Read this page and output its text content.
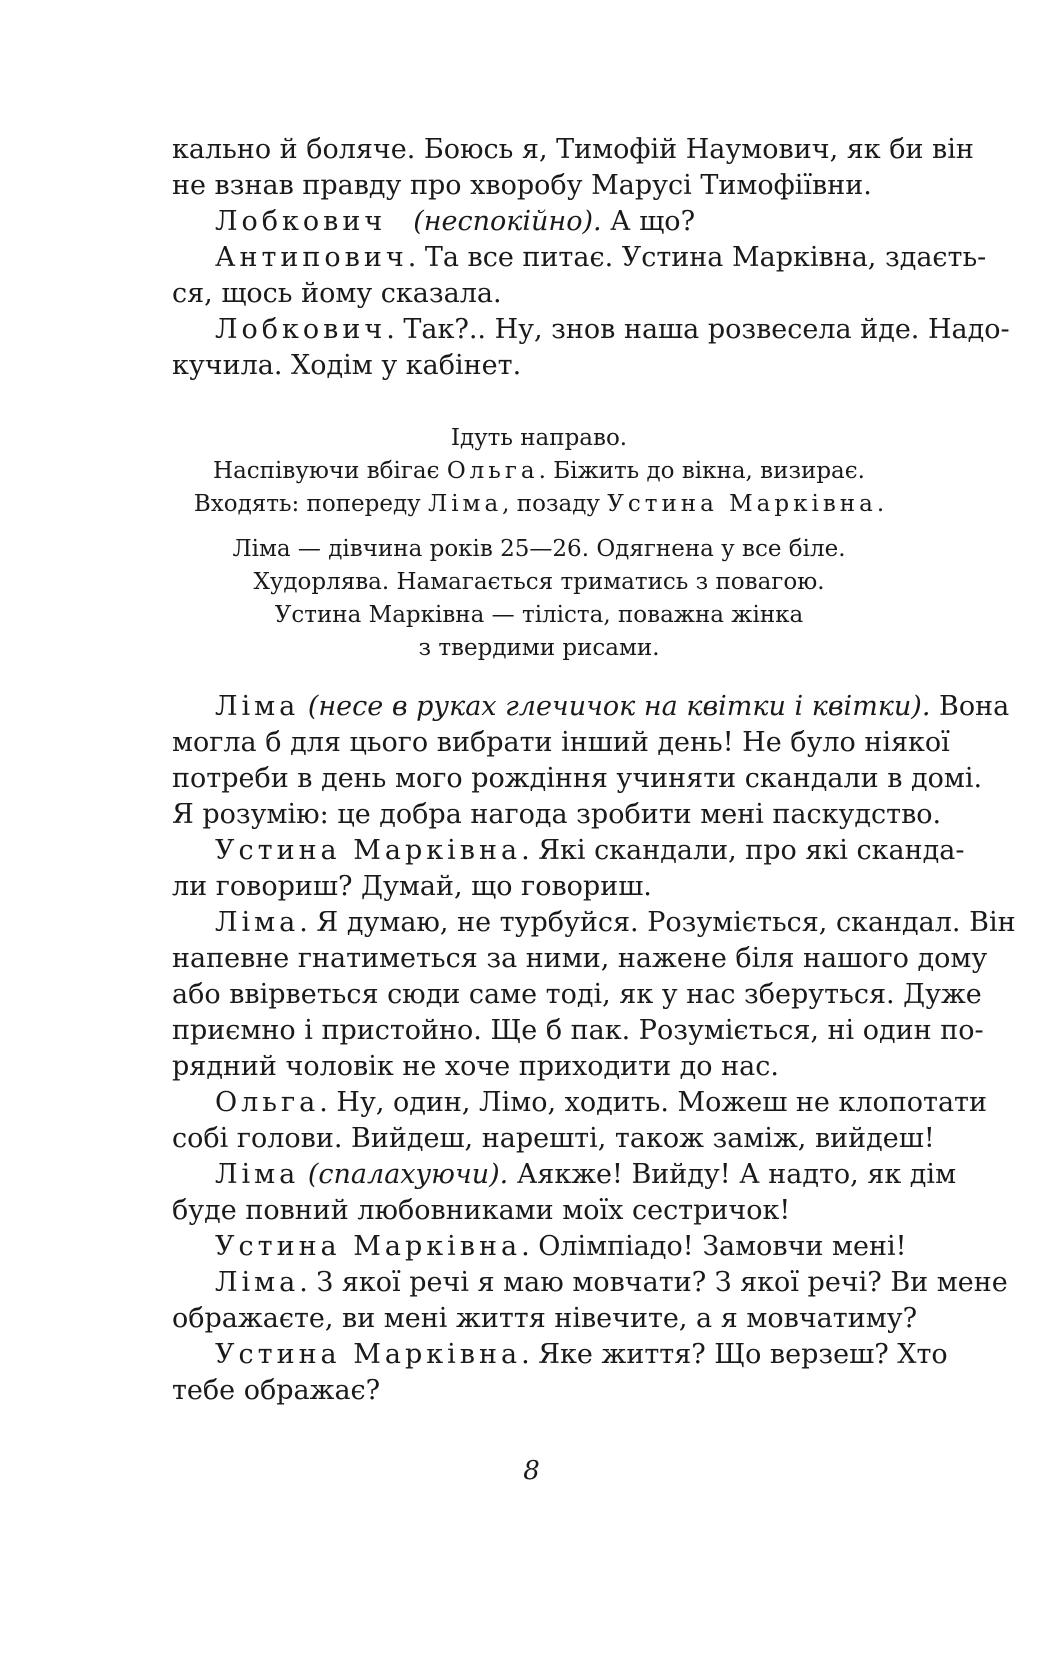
кально й боляче. Боюсь я, Тимофій Наумович, як би він
не взнав правду про хворобу Марусі Тимофіївни.
Лобкович
  (неспокійно). А що?
Антипович. Та все питає. Устина Марківна, здаєть-
ся, щось йому сказала.
Лобкович. Так?.. Ну, знов наша розвесела йде. Надо-
кучила. Ходім у кабінет.
Ідуть направо.
Наспівуючи вбігає Ольга. Біжить до вікна, визирає.
Входять: попереду Ліма, позаду Устина Марківна.
Ліма — дівчина років 25—26. Одягнена у все біле.
Худорлява. Намагається триматись з повагою.
Устина Марківна — тіліста, поважна жінка
з твердими рисами.
Ліма (несе в руках глечичок на квітки і квітки). Вона
могла б для цього вибрати інший день! Не було ніякої
потреби в день мого рождіння учиняти скандали в домі.
Я розумію: це добра нагода зробити мені паскудство.
Устина Марківна. Які скандали, про які сканда-
ли говориш? Думай, що говориш.
Ліма. Я думаю, не турбуйся. Розуміється, скандал. Він
напевне гнатиметься за ними, нажене біля нашого дому
або ввірветься сюди саме тоді, як у нас зберуться. Дуже
приємно і пристойно. Ще б пак. Розуміється, ні один по-
рядний чоловік не хоче приходити до нас.
Ольга. Ну, один, Лімо, ходить. Можеш не клопотати
собі голови. Вийдеш, нарешті, також заміж, вийдеш!
Ліма (спалахуючи). Аякже! Вийду! А надто, як дім
буде повний любовниками моїх сестричок!
Устина Марківна. Олімпіадо! Замовчи мені!
Ліма. З якої речі я маю мовчати? З якої речі? Ви мене
ображаєте, ви мені життя нівечите, а я мовчатиму?
Устина Марківна. Яке життя? Що верзеш? Хто
тебе ображає?
8
